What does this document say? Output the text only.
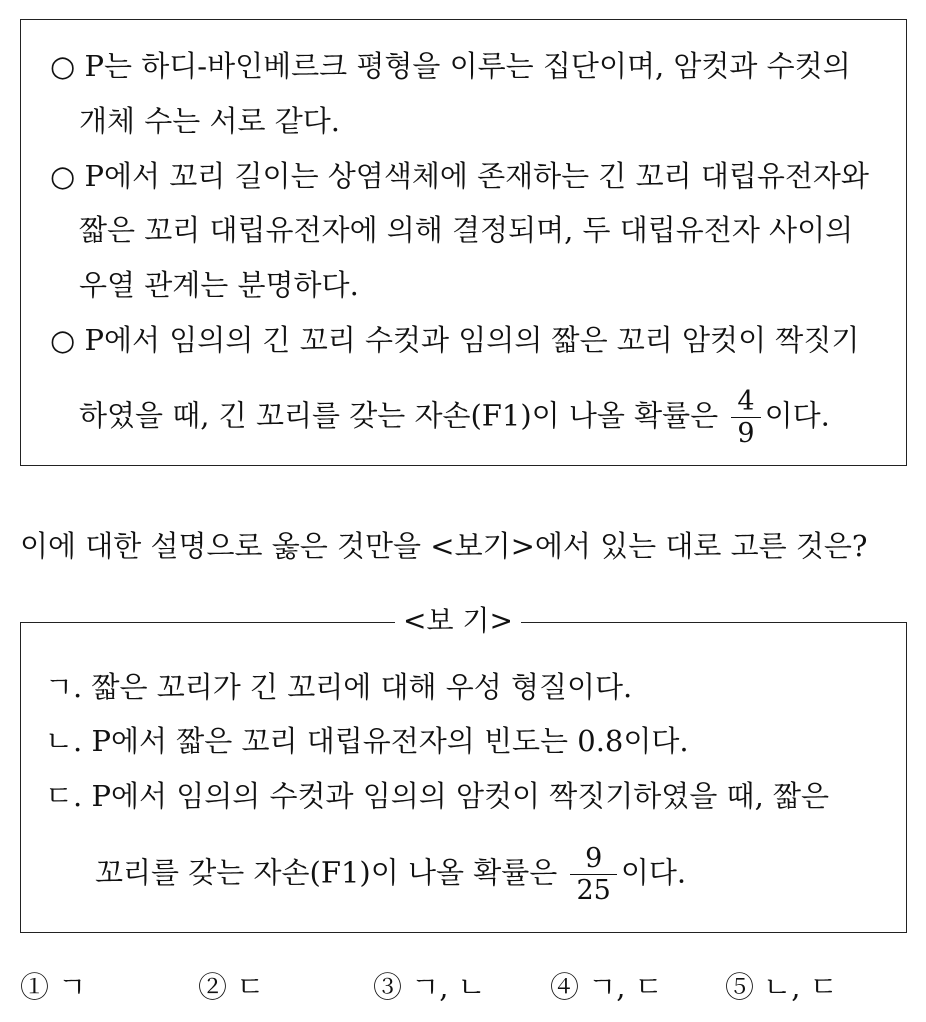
○ P는 하디-바인베르크 평형을 이루는 집단이며, 암컷과 수컷의
개체 수는 서로 같다.
○ P에서 꼬리 길이는 상염색체에 존재하는 긴 꼬리 대립유전자와
짧은 꼬리 대립유전자에 의해 결정되며, 두 대립유전자 사이의
우열 관계는 분명하다.
○ P에서 임의의 긴 꼬리 수컷과 임의의 짧은 꼬리 암컷이 짝짓기
하였을 때, 긴 꼬리를 갖는 자손(F1)이 나올 확률은 $\frac{4}{9}$ 이다.
이에 대한 설명으로 옳은 것만을 <보기>에서 있는 대로 고른 것은?
<보 기>
ㄱ. 짧은 꼬리가 긴 꼬리에 대해 우성 형질이다.
ㄴ. P에서 짧은 꼬리 대립유전자의 빈도는 0.8이다.
ㄷ. P에서 임의의 수컷과 임의의 암컷이 짝짓기하였을 때, 짧은
꼬리를 갖는 자손(F1)이 나올 확률은 $\frac{9}{25}$ 이다.
① ㄱ	② ㄷ	③ ㄱ, ㄴ ④ ㄱ, ㄷ ⑤ ㄴ, ㄷ
